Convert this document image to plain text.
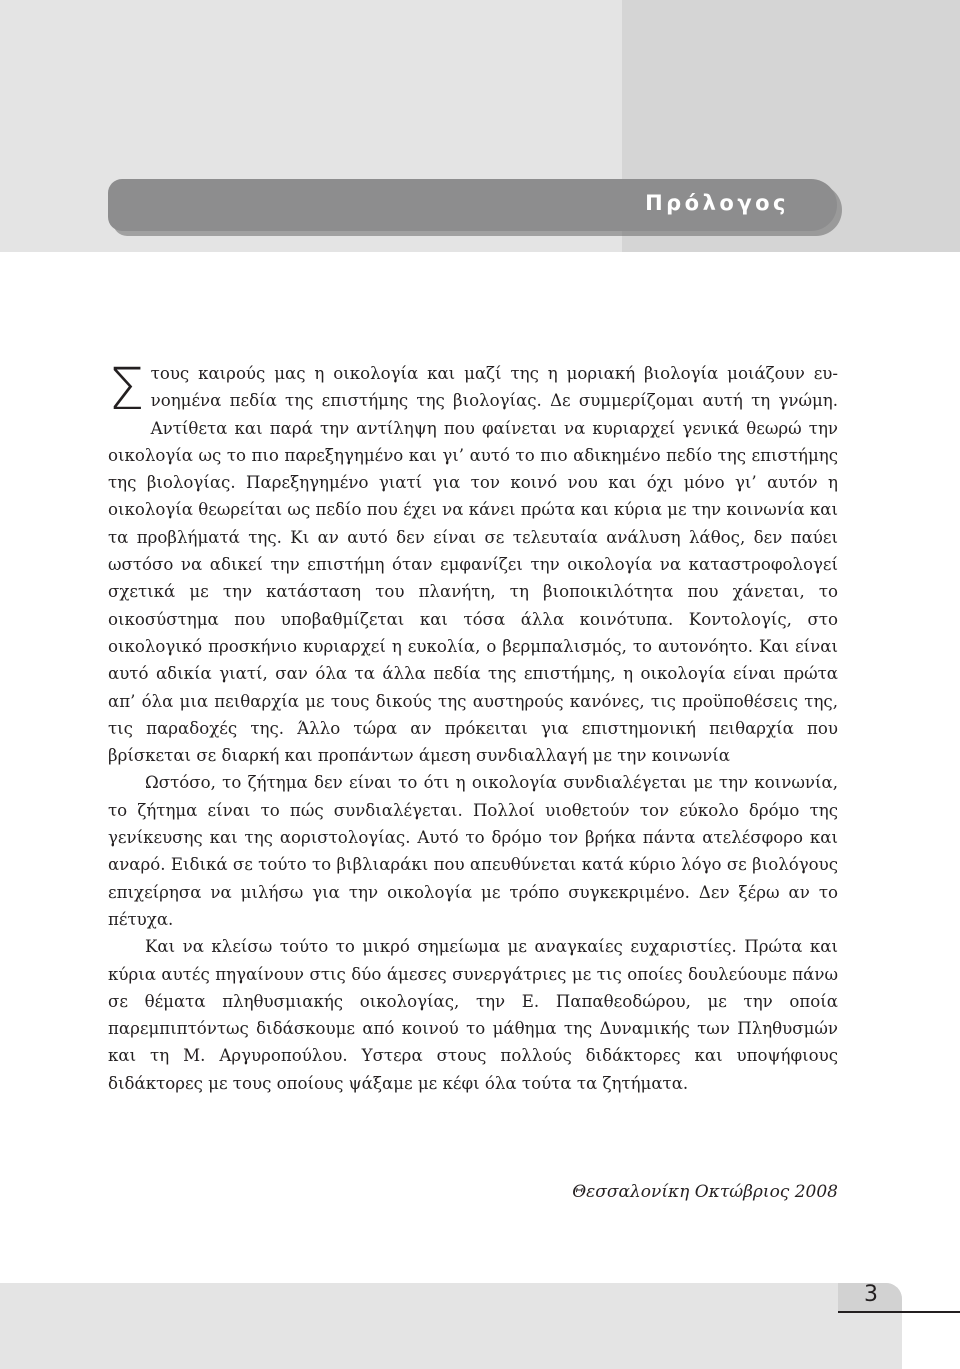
Πρόλογος

Στους καιρούς μας η οικολογία και μαζί της η μοριακή βιολογία μοιάζουν ευνοημένα πεδία της επιστήμης της βιολογίας. Δε συμμερίζομαι αυτή τη γνώμη. Αντίθετα και παρά την αντίληψη που φαίνεται να κυριαρχεί γενικά θεωρώ την οικολογία ως το πιο παρεξηγημένο και γι’ αυτό το πιο αδικημένο πεδίο της επιστήμης της βιολογίας. Παρεξηγημένο γιατί για τον κοινό νου και όχι μόνο γι’ αυτόν η οικολογία θεωρείται ως πεδίο που έχει να κάνει πρώτα και κύρια με την κοινωνία και τα προβλήματά της. Κι αν αυτό δεν είναι σε τελευταία ανάλυση λάθος, δεν παύει ωστόσο να αδικεί την επιστήμη όταν εμφανίζει την οικολογία να καταστροφολογεί σχετικά με την κατάσταση του πλανήτη, τη βιοποικιλότητα που χάνεται, το οικοσύστημα που υποβαθμίζεται και τόσα άλλα κοινότυπα. Κοντολογίς, στο οικολογικό προσκήνιο κυριαρχεί η ευκολία, ο βερμπαλισμός, το αυτονόητο. Και είναι αυτό αδικία γιατί, σαν όλα τα άλλα πεδία της επιστήμης, η οικολογία είναι πρώτα απ’ όλα μια πειθαρχία με τους δικούς της αυστηρούς κανόνες, τις προϋποθέσεις της, τις παραδοχές της. Άλλο τώρα αν πρόκειται για επιστημονική πειθαρχία που βρίσκεται σε διαρκή και προπάντων άμεση συνδιαλλαγή με την κοινωνία

Ωστόσο, το ζήτημα δεν είναι το ότι η οικολογία συνδιαλέγεται με την κοινωνία, το ζήτημα είναι το πώς συνδιαλέγεται. Πολλοί υιοθετούν τον εύκολο δρόμο της γενίκευσης και της αοριστολογίας. Αυτό το δρόμο τον βρήκα πάντα ατελέσφορο και αναρό. Ειδικά σε τούτο το βιβλιαράκι που απευθύνεται κατά κύριο λόγο σε βιολόγους επιχείρησα να μιλήσω για την οικολογία με τρόπο συγκεκριμένο. Δεν ξέρω αν το πέτυχα.

Και να κλείσω τούτο το μικρό σημείωμα με αναγκαίες ευχαριστίες. Πρώτα και κύρια αυτές πηγαίνουν στις δύο άμεσες συνεργάτριες με τις οποίες δουλεύουμε πάνω σε θέματα πληθυσμιακής οικολογίας, την Ε. Παπαθεοδώρου, με την οποία παρεμπιπτόντως διδάσκουμε από κοινού το μάθημα της Δυναμικής των Πληθυσμών και τη Μ. Αργυροπούλου. Υστερα στους πολλούς διδάκτορες και υποψήφιους διδάκτορες με τους οποίους ψάξαμε με κέφι όλα τούτα τα ζητήματα.

Θεσσαλονίκη Οκτώβριος 2008
3
